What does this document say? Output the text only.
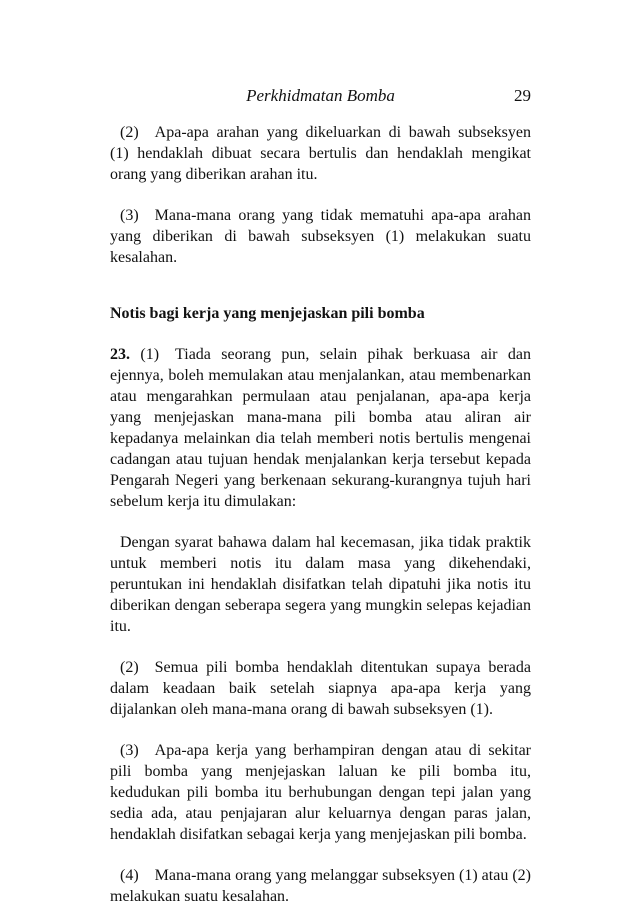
Perkhidmatan Bomba	29

(2) Apa-apa arahan yang dikeluarkan di bawah subseksyen (1) hendaklah dibuat secara bertulis dan hendaklah mengikat orang yang diberikan arahan itu.

(3) Mana-mana orang yang tidak mematuhi apa-apa arahan yang diberikan di bawah subseksyen (1) melakukan suatu kesalahan.

Notis bagi kerja yang menjejaskan pili bomba

23. (1) Tiada seorang pun, selain pihak berkuasa air dan ejennya, boleh memulakan atau menjalankan, atau membenarkan atau mengarahkan permulaan atau penjalanan, apa-apa kerja yang menjejaskan mana-mana pili bomba atau aliran air kepadanya melainkan dia telah memberi notis bertulis mengenai cadangan atau tujuan hendak menjalankan kerja tersebut kepada Pengarah Negeri yang berkenaan sekurang-kurangnya tujuh hari sebelum kerja itu dimulakan:

Dengan syarat bahawa dalam hal kecemasan, jika tidak praktik untuk memberi notis itu dalam masa yang dikehendaki, peruntukan ini hendaklah disifatkan telah dipatuhi jika notis itu diberikan dengan seberapa segera yang mungkin selepas kejadian itu.

(2) Semua pili bomba hendaklah ditentukan supaya berada dalam keadaan baik setelah siapnya apa-apa kerja yang dijalankan oleh mana-mana orang di bawah subseksyen (1).

(3) Apa-apa kerja yang berhampiran dengan atau di sekitar pili bomba yang menjejaskan laluan ke pili bomba itu, kedudukan pili bomba itu berhubungan dengan tepi jalan yang sedia ada, atau penjajaran alur keluarnya dengan paras jalan, hendaklah disifatkan sebagai kerja yang menjejaskan pili bomba.

(4) Mana-mana orang yang melanggar subseksyen (1) atau (2) melakukan suatu kesalahan.
